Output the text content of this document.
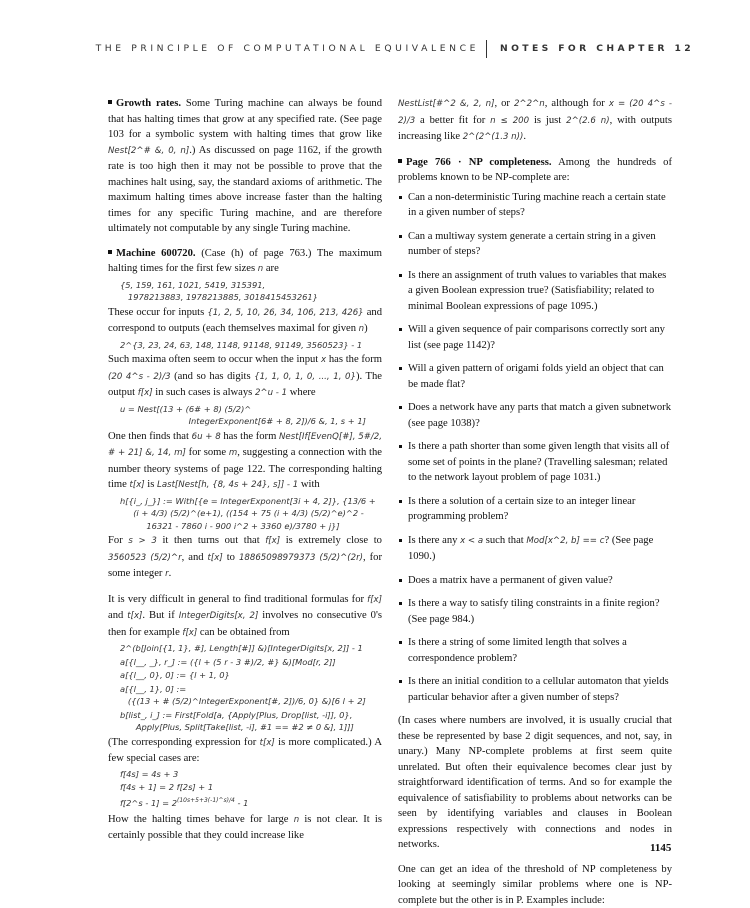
THE PRINCIPLE OF COMPUTATIONAL EQUIVALENCE NOTES FOR CHAPTER 12

Growth rates. Some Turing machine can always be found that has halting times that grow at any specified rate. (See page 103 for a symbolic system with halting times that grow like Nest[2^# &, 0, n].) As discussed on page 1162, if the growth rate is too high then it may not be possible to prove that the machines halt using, say, the standard axioms of arithmetic. The maximum halting times above increase faster than the halting times for any specific Turing machine, and are therefore ultimately not computable by any single Turing machine.

Machine 600720. (Case (h) of page 763.) The maximum halting times for the first few sizes n are

{5, 159, 161, 1021, 5419, 315391,
1978213883, 1978213885, 3018415453261}

These occur for inputs {1, 2, 5, 10, 26, 34, 106, 213, 426} and correspond to outputs (each themselves maximal for given n)

2^{3, 23, 24, 63, 148, 1148, 91148, 91149, 3560523} - 1

Such maxima often seem to occur when the input x has the form (20 4^s - 2)/3 (and so has digits {1, 1, 0, 1, 0, ..., 1, 0}). The output f[x] in such cases is always 2^u - 1 where

u = Nest[(13 + (6# + 8) (5/2)^
IntegerExponent[6# + 8, 2])/6 &, 1, s + 1]

One then finds that 6u + 8 has the form Nest[If[EvenQ[#], 5#/2, # + 21] &, 14, m] for some m, suggesting a connection with the number theory systems of page 122. The corresponding halting time t[x] is Last[Nest[h, {8, 4s + 24}, s]] - 1 with

h[{i_, j_}] := With[{e = IntegerExponent[3i + 4, 2]}, {13/6 +
(i + 4/3) (5/2)^(e+1), ((154 + 75 (i + 4/3) (5/2)^e)^2 -
16321 - 7860 i - 900 i^2 + 3360 e)/3780 + j}]

For s > 3 it then turns out that f[x] is extremely close to 3560523 (5/2)^r, and t[x] to 18865098979373 (5/2)^(2r), for some integer r.

It is very difficult in general to find traditional formulas for f[x] and t[x]. But if IntegerDigits[x, 2] involves no consecutive 0's then for example f[x] can be obtained from

2^(b[Join[{1, 1}, #], Length[#]] &)[IntegerDigits[x, 2]] - 1
a[{l__, _}, r_] := ({l + (5 r - 3 #)/2, #} &)[Mod[r, 2]]
a[{l__, 0}, 0] := {l + 1, 0}
a[{l__, 1}, 0] :=
({(13 + # (5/2)^IntegerExponent[#, 2])/6, 0} &)[6 l + 2]
b[list_, i_] := First[Fold[a, {Apply[Plus, Drop[list, -i]], 0},
Apply[Plus, Split[Take[list, -i], #1 == #2 ≠ 0 &], 1]]]

(The corresponding expression for t[x] is more complicated.) A few special cases are:

f[4s] = 4s + 3
f[4s + 1] = 2 f[2s] + 1
f[2^s - $1] = 2^{(10s+5+3(-1)\^{}s)/4} - 1$

How the halting times behave for large n is not clear. It is certainly possible that they could increase like

NestList[#^2 &, 2, n], or 2^2^n, although for x = (20 4^s - 2)/3 a better fit for n ≤ 200 is just 2^(2.6 n), with outputs increasing like 2^(2^(1.3 n)).

Page 766 · NP completeness. Among the hundreds of problems known to be NP-complete are:

Can a non-deterministic Turing machine reach a certain state in a given number of steps?
Can a multiway system generate a certain string in a given number of steps?
Is there an assignment of truth values to variables that makes a given Boolean expression true? (Satisfiability; related to minimal Boolean expressions of page 1095.)
Will a given sequence of pair comparisons correctly sort any list (see page 1142)?
Will a given pattern of origami folds yield an object that can be made flat?
Does a network have any parts that match a given subnetwork (see page 1038)?
Is there a path shorter than some given length that visits all of some set of points in the plane? (Travelling salesman; related to the network layout problem of page 1031.)
Is there a solution of a certain size to an integer linear programming problem?
Is there any x < a such that Mod[x^2, b] == c? (See page 1090.)
Does a matrix have a permanent of given value?
Is there a way to satisfy tiling constraints in a finite region? (See page 984.)
Is there a string of some limited length that solves a correspondence problem?
Is there an initial condition to a cellular automaton that yields particular behavior after a given number of steps?

(In cases where numbers are involved, it is usually crucial that these be represented by base 2 digit sequences, and not, say, in unary.) Many NP-complete problems at first seem quite unrelated. But often their equivalence becomes clear just by straightforward identification of terms. And so for example the equivalence of satisfiability to problems about networks can be seen by identifying variables and clauses in Boolean expressions respectively with connections and nodes in networks.

One can get an idea of the threshold of NP completeness by looking at seemingly similar problems where one is NP-complete but the other is in P. Examples include:

1145
